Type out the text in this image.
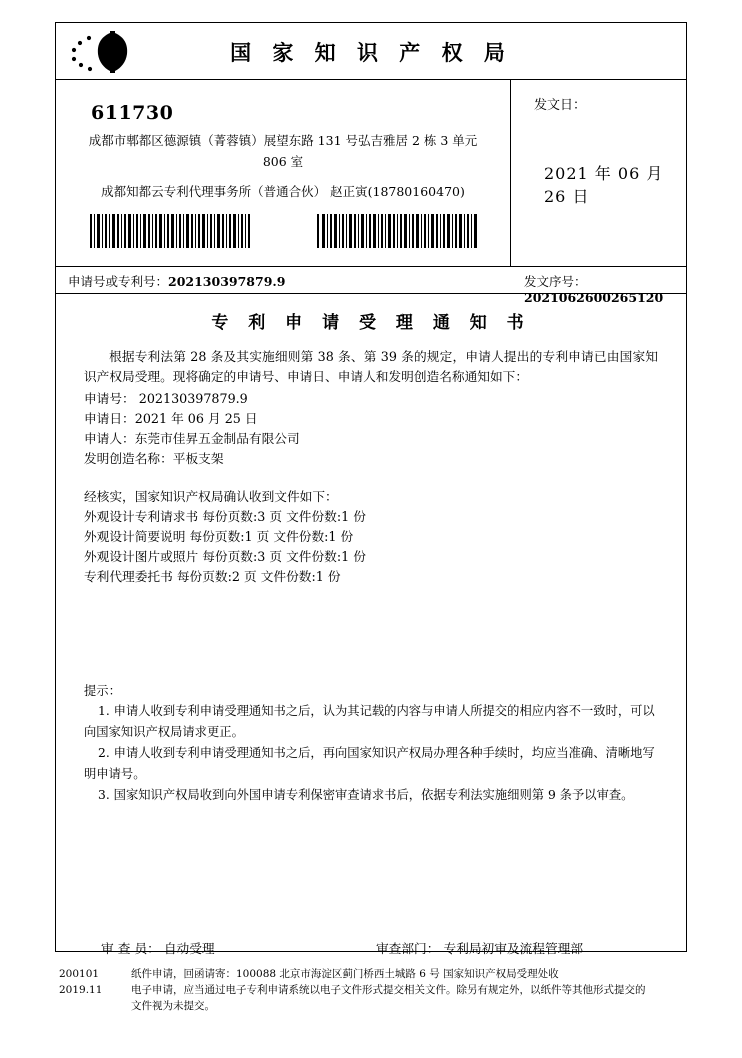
国 家 知 识 产 权 局
611730
成都市郫都区德源镇（菁蓉镇）展望东路 131 号弘吉雅居 2 栋 3 单元
806 室
成都知都云专利代理事务所（普通合伙） 赵正寅(18780160470)
发文日：
2021 年 06 月 26 日
申请号或专利号：202130397879.9	发文序号：2021062600265120
专 利 申 请 受 理 通 知 书
根据专利法第 28 条及其实施细则第 38 条、第 39 条的规定，申请人提出的专利申请已由国家知识产权局受理。现将确定的申请号、申请日、申请人和发明创造名称通知如下：
申请号： 202130397879.9
申请日：2021 年 06 月 25 日
申请人：东莞市佳昇五金制品有限公司
发明创造名称：平板支架
经核实，国家知识产权局确认收到文件如下：
外观设计专利请求书 每份页数:3 页 文件份数:1 份
外观设计简要说明 每份页数:1 页 文件份数:1 份
外观设计图片或照片 每份页数:3 页 文件份数:1 份
专利代理委托书 每份页数:2 页 文件份数:1 份
提示：
1. 申请人收到专利申请受理通知书之后，认为其记载的内容与申请人所提交的相应内容不一致时，可以向国家知识产权局请求更正。
2. 申请人收到专利申请受理通知书之后，再向国家知识产权局办理各种手续时，均应当准确、清晰地写明申请号。
3. 国家知识产权局收到向外国申请专利保密审查请求书后，依据专利法实施细则第 9 条予以审查。
审 查 员： 自动受理	审查部门： 专利局初审及流程管理部
200101
2019.11
纸件申请，回函请寄：100088 北京市海淀区蓟门桥西土城路 6 号 国家知识产权局受理处收
电子申请，应当通过电子专利申请系统以电子文件形式提交相关文件。除另有规定外，以纸件等其他形式提交的
文件视为未提交。
